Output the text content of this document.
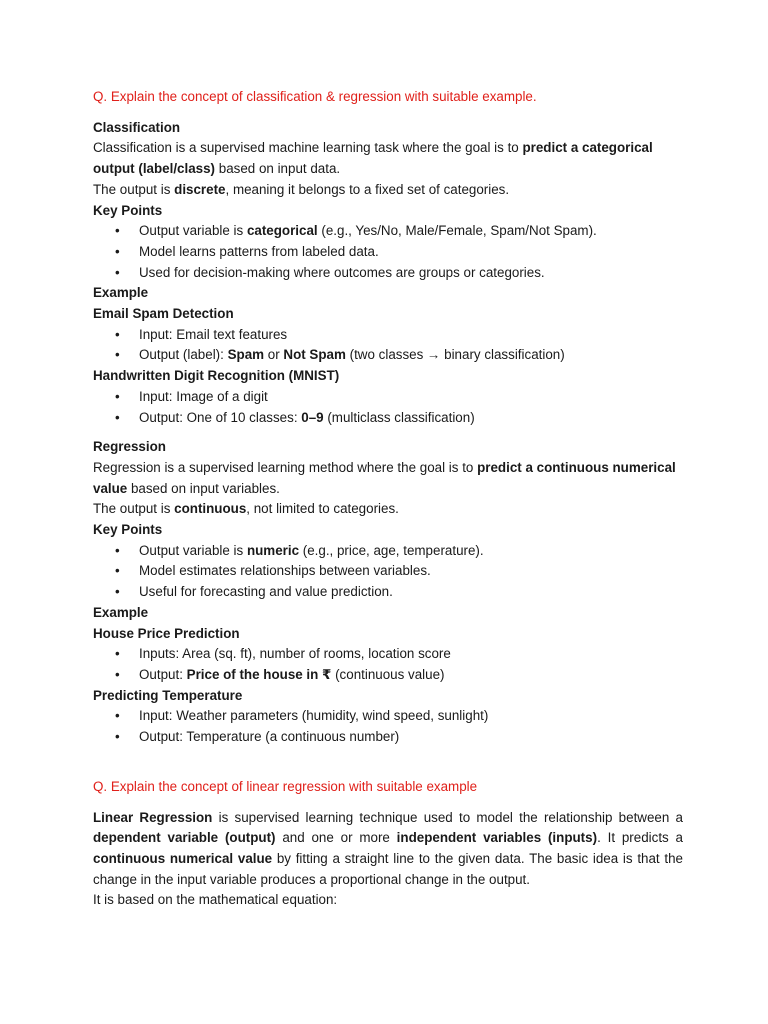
Q. Explain the concept of classification & regression with suitable example.

Classification

Classification is a supervised machine learning task where the goal is to predict a categorical output (label/class) based on input data.

The output is discrete, meaning it belongs to a fixed set of categories.

Key Points

• Output variable is categorical (e.g., Yes/No, Male/Female, Spam/Not Spam).
• Model learns patterns from labeled data.
• Used for decision-making where outcomes are groups or categories.

Example

Email Spam Detection

• Input: Email text features
• Output (label): Spam or Not Spam (two classes → binary classification)

Handwritten Digit Recognition (MNIST)

• Input: Image of a digit
• Output: One of 10 classes: 0–9 (multiclass classification)

Regression

Regression is a supervised learning method where the goal is to predict a continuous numerical value based on input variables.

The output is continuous, not limited to categories.

Key Points

• Output variable is numeric (e.g., price, age, temperature).
• Model estimates relationships between variables.
• Useful for forecasting and value prediction.

Example

House Price Prediction

• Inputs: Area (sq. ft), number of rooms, location score
• Output: Price of the house in ₹ (continuous value)

Predicting Temperature

• Input: Weather parameters (humidity, wind speed, sunlight)
• Output: Temperature (a continuous number)

Q. Explain the concept of linear regression with suitable example

Linear Regression is supervised learning technique used to model the relationship between a dependent variable (output) and one or more independent variables (inputs). It predicts a continuous numerical value by fitting a straight line to the given data. The basic idea is that the change in the input variable produces a proportional change in the output.

It is based on the mathematical equation:
